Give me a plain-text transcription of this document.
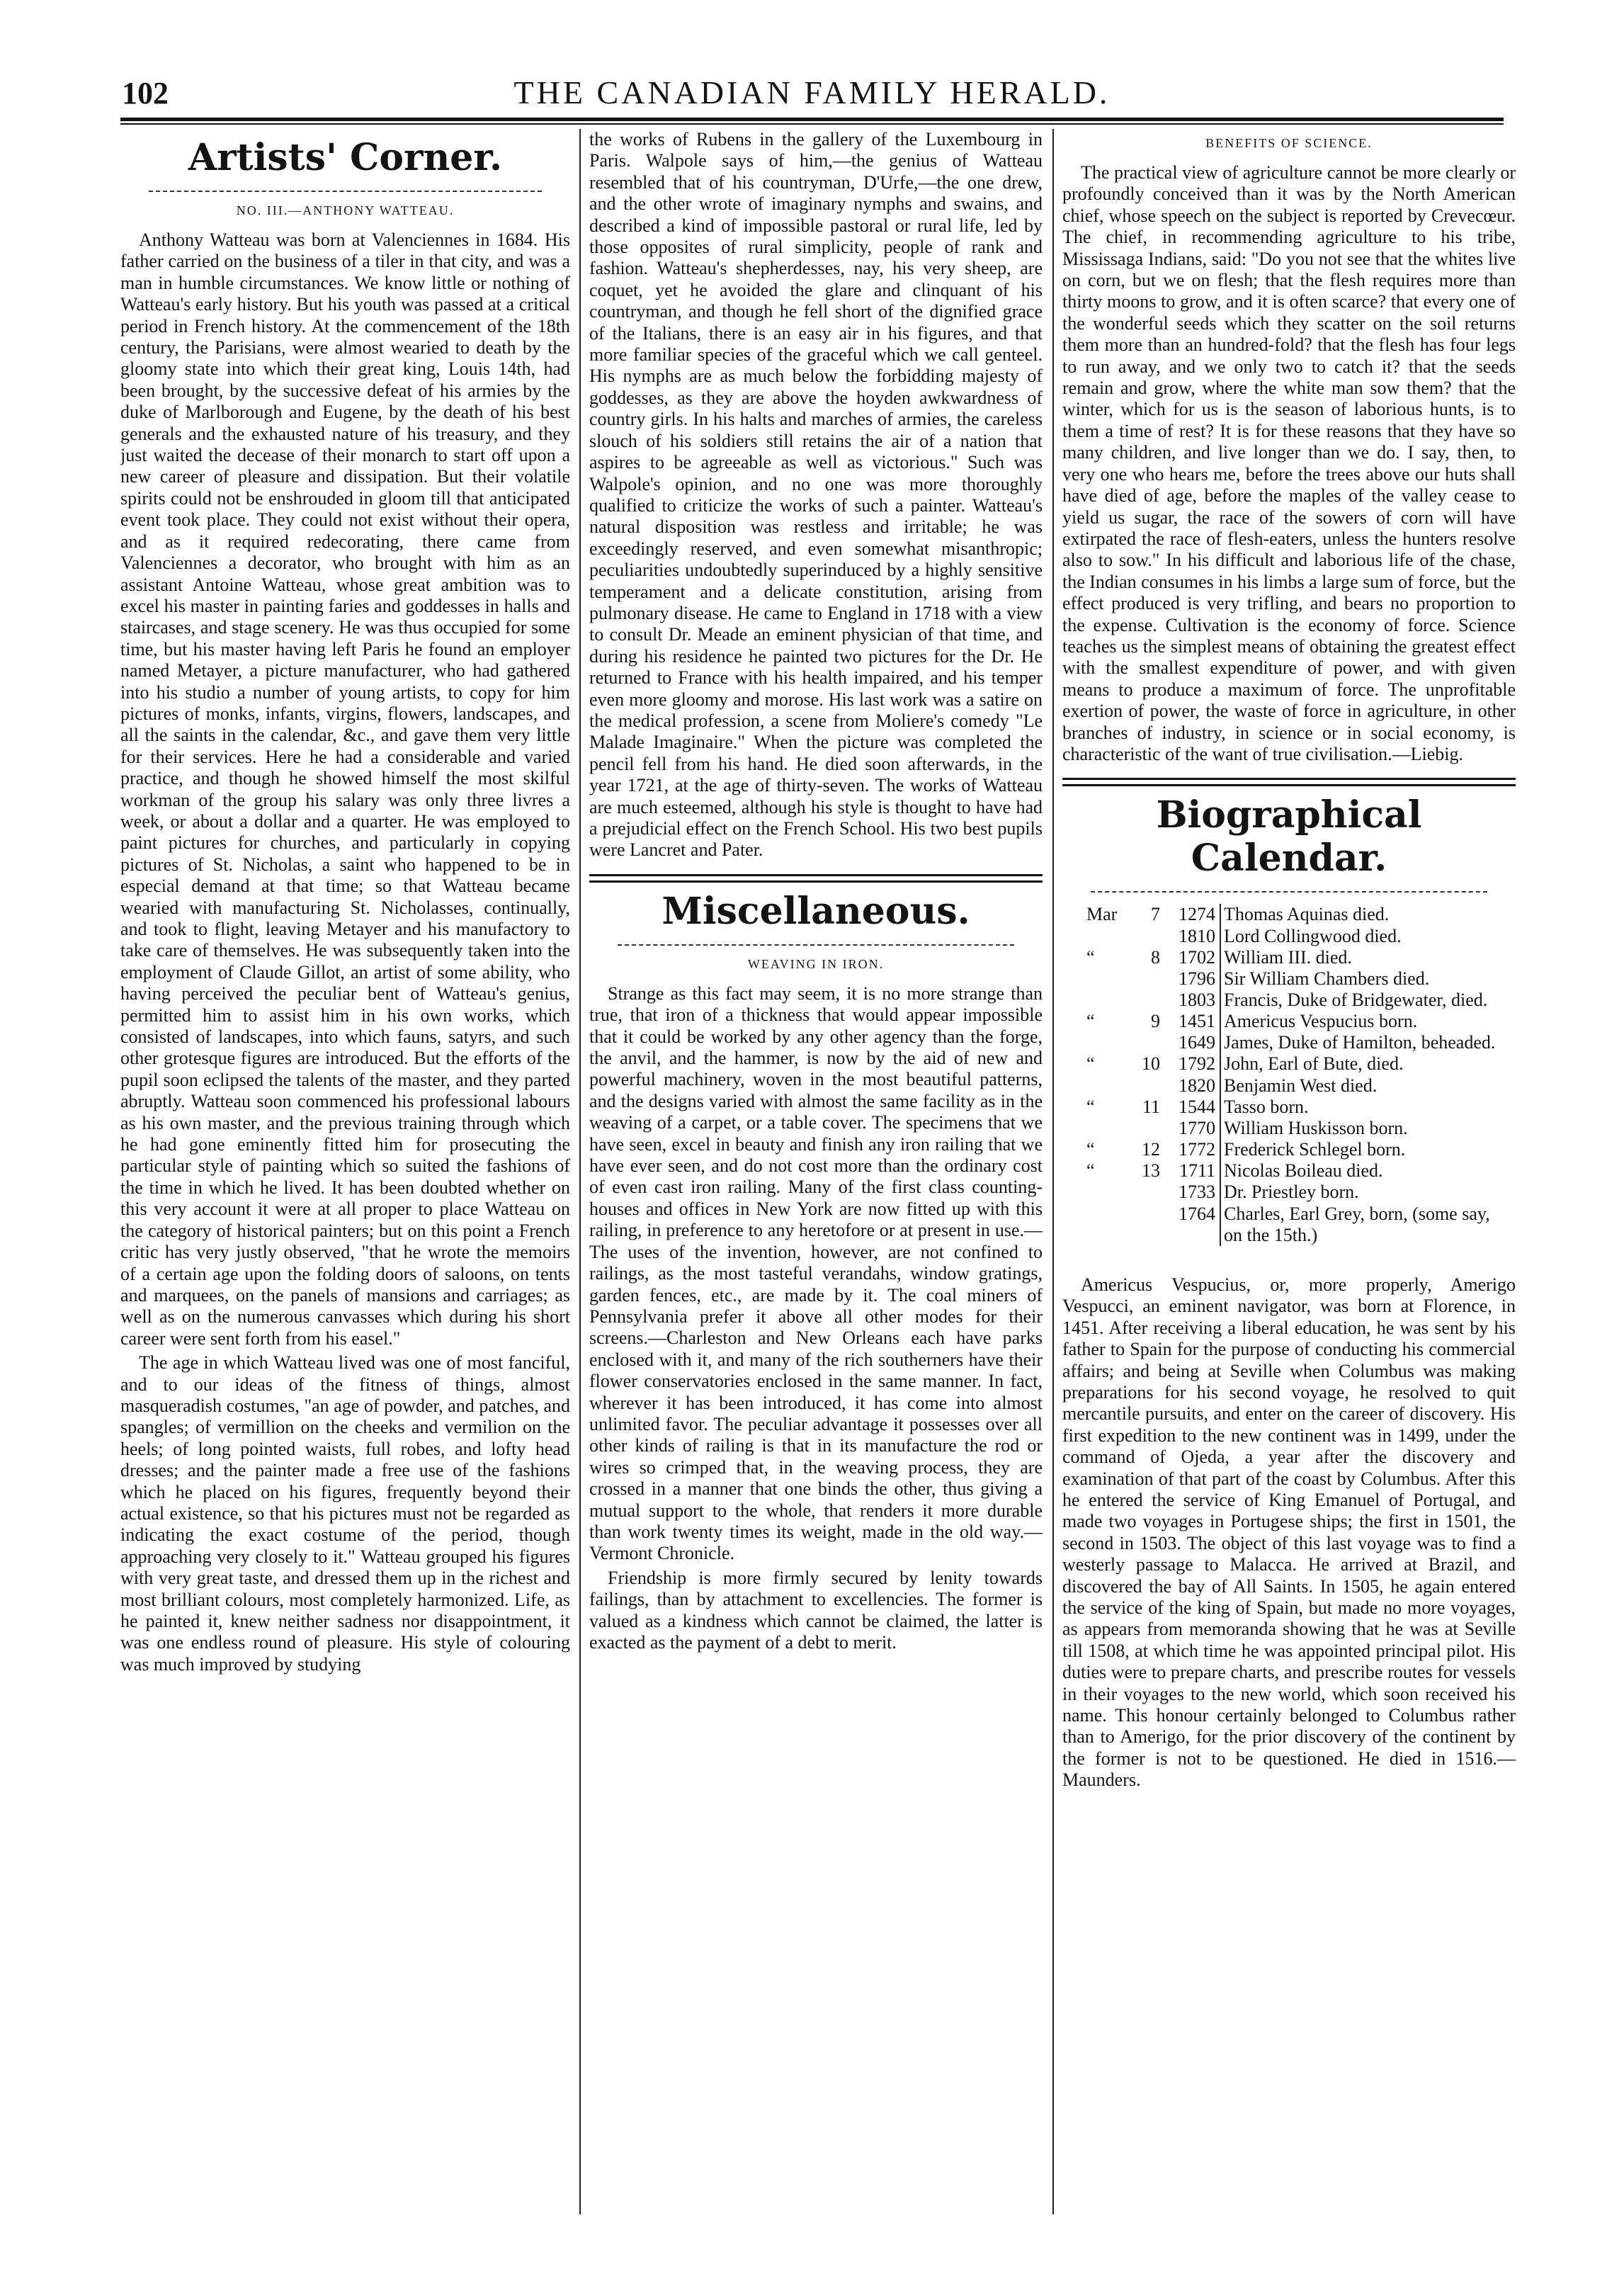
102	THE CANADIAN FAMILY HERALD.
Artists' Corner.
NO. III.—ANTHONY WATTEAU.

Anthony Watteau was born at Valenciennes in 1684. His father carried on the business of a tiler in that city, and was a man in humble circumstances. We know little or nothing of Watteau's early history. But his youth was passed at a critical period in French history. At the commencement of the 18th century, the Parisians, were almost wearied to death by the gloomy state into which their great king, Louis 14th, had been brought, by the successive defeat of his armies by the duke of Marlborough and Eugene, by the death of his best generals and the exhausted nature of his treasury, and they just waited the decease of their monarch to start off upon a new career of pleasure and dissipation. But their volatile spirits could not be enshrouded in gloom till that anticipated event took place. They could not exist without their opera, and as it required redecorating, there came from Valenciennes a decorator, who brought with him as an assistant Antoine Watteau, whose great ambition was to excel his master in painting faries and goddesses in halls and staircases, and stage scenery. He was thus occupied for some time, but his master having left Paris he found an employer named Metayer, a picture manufacturer, who had gathered into his studio a number of young artists, to copy for him pictures of monks, infants, virgins, flowers, landscapes, and all the saints in the calendar, &c., and gave them very little for their services. Here he had a considerable and varied practice, and though he showed himself the most skilful workman of the group his salary was only three livres a week, or about a dollar and a quarter. He was employed to paint pictures for churches, and particularly in copying pictures of St. Nicholas, a saint who happened to be in especial demand at that time; so that Watteau became wearied with manufacturing St. Nicholasses, continually, and took to flight, leaving Metayer and his manufactory to take care of themselves. He was subsequently taken into the employment of Claude Gillot, an artist of some ability, who having perceived the peculiar bent of Watteau's genius, permitted him to assist him in his own works, which consisted of landscapes, into which fauns, satyrs, and such other grotesque figures are introduced. But the efforts of the pupil soon eclipsed the talents of the master, and they parted abruptly. Watteau soon commenced his professional labours as his own master, and the previous training through which he had gone eminently fitted him for prosecuting the particular style of painting which so suited the fashions of the time in which he lived. It has been doubted whether on this very account it were at all proper to place Watteau on the category of historical painters; but on this point a French critic has very justly observed, "that he wrote the memoirs of a certain age upon the folding doors of saloons, on tents and marquees, on the panels of mansions and carriages; as well as on the numerous canvasses which during his short career were sent forth from his easel."

The age in which Watteau lived was one of most fanciful, and to our ideas of the fitness of things, almost masqueradish costumes, "an age of powder, and patches, and spangles; of vermillion on the cheeks and vermilion on the heels; of long pointed waists, full robes, and lofty head dresses; and the painter made a free use of the fashions which he placed on his figures, frequently beyond their actual existence, so that his pictures must not be regarded as indicating the exact costume of the period, though approaching very closely to it." Watteau grouped his figures with very great taste, and dressed them up in the richest and most brilliant colours, most completely harmonized. Life, as he painted it, knew neither sadness nor disappointment, it was one endless round of pleasure. His style of colouring was much improved by studying

the works of Rubens in the gallery of the Luxembourg in Paris. Walpole says of him,—the genius of Watteau resembled that of his countryman, D'Urfe,—the one drew, and the other wrote of imaginary nymphs and swains, and described a kind of impossible pastoral or rural life, led by those opposites of rural simplicity, people of rank and fashion. Watteau's shepherdesses, nay, his very sheep, are coquet, yet he avoided the glare and clinquant of his countryman, and though he fell short of the dignified grace of the Italians, there is an easy air in his figures, and that more familiar species of the graceful which we call genteel. His nymphs are as much below the forbidding majesty of goddesses, as they are above the hoyden awkwardness of country girls. In his halts and marches of armies, the careless slouch of his soldiers still retains the air of a nation that aspires to be agreeable as well as victorious." Such was Walpole's opinion, and no one was more thoroughly qualified to criticize the works of such a painter. Watteau's natural disposition was restless and irritable; he was exceedingly reserved, and even somewhat misanthropic; peculiarities undoubtedly superinduced by a highly sensitive temperament and a delicate constitution, arising from pulmonary disease. He came to England in 1718 with a view to consult Dr. Meade an eminent physician of that time, and during his residence he painted two pictures for the Dr. He returned to France with his health impaired, and his temper even more gloomy and morose. His last work was a satire on the medical profession, a scene from Moliere's comedy "Le Malade Imaginaire." When the picture was completed the pencil fell from his hand. He died soon afterwards, in the year 1721, at the age of thirty-seven. The works of Watteau are much esteemed, although his style is thought to have had a prejudicial effect on the French School. His two best pupils were Lancret and Pater.

Miscellaneous.
WEAVING IN IRON.

Strange as this fact may seem, it is no more strange than true, that iron of a thickness that would appear impossible that it could be worked by any other agency than the forge, the anvil, and the hammer, is now by the aid of new and powerful machinery, woven in the most beautiful patterns, and the designs varied with almost the same facility as in the weaving of a carpet, or a table cover. The specimens that we have seen, excel in beauty and finish any iron railing that we have ever seen, and do not cost more than the ordinary cost of even cast iron railing. Many of the first class counting-houses and offices in New York are now fitted up with this railing, in preference to any heretofore or at present in use.—The uses of the invention, however, are not confined to railings, as the most tasteful verandahs, window gratings, garden fences, etc., are made by it. The coal miners of Pennsylvania prefer it above all other modes for their screens.—Charleston and New Orleans each have parks enclosed with it, and many of the rich southerners have their flower conservatories enclosed in the same manner. In fact, wherever it has been introduced, it has come into almost unlimited favor. The peculiar advantage it possesses over all other kinds of railing is that in its manufacture the rod or wires so crimped that, in the weaving process, they are crossed in a manner that one binds the other, thus giving a mutual support to the whole, that renders it more durable than work twenty times its weight, made in the old way.—Vermont Chronicle.

Friendship is more firmly secured by lenity towards failings, than by attachment to excellencies. The former is valued as a kindness which cannot be claimed, the latter is exacted as the payment of a debt to merit.

BENEFITS OF SCIENCE.

The practical view of agriculture cannot be more clearly or profoundly conceived than it was by the North American chief, whose speech on the subject is reported by Crevecœur. The chief, in recommending agriculture to his tribe, Mississaga Indians, said: "Do you not see that the whites live on corn, but we on flesh; that the flesh requires more than thirty moons to grow, and it is often scarce? that every one of the wonderful seeds which they scatter on the soil returns them more than an hundred-fold? that the flesh has four legs to run away, and we only two to catch it? that the seeds remain and grow, where the white man sow them? that the winter, which for us is the season of laborious hunts, is to them a time of rest? It is for these reasons that they have so many children, and live longer than we do. I say, then, to very one who hears me, before the trees above our huts shall have died of age, before the maples of the valley cease to yield us sugar, the race of the sowers of corn will have extirpated the race of flesh-eaters, unless the hunters resolve also to sow." In his difficult and laborious life of the chase, the Indian consumes in his limbs a large sum of force, but the effect produced is very trifling, and bears no proportion to the expense. Cultivation is the economy of force. Science teaches us the simplest means of obtaining the greatest effect with the smallest expenditure of power, and with given means to produce a maximum of force. The unprofitable exertion of power, the waste of force in agriculture, in other branches of industry, in science or in social economy, is characteristic of the want of true civilisation.—Liebig.

Biographical Calendar.
Mar	7	1274	Thomas Aquinas died.
		1810	Lord Collingwood died.
“	8	1702	William III. died.
		1796	Sir William Chambers died.
		1803	Francis, Duke of Bridgewater, died.
“	9	1451	Americus Vespucius born.
		1649	James, Duke of Hamilton, beheaded.
“	10	1792	John, Earl of Bute, died.
		1820	Benjamin West died.
“	11	1544	Tasso born.
		1770	William Huskisson born.
“	12	1772	Frederick Schlegel born.
“	13	1711	Nicolas Boileau died.
		1733	Dr. Priestley born.
		1764	Charles, Earl Grey, born, (some say, on the 15th.)

Americus Vespucius, or, more properly, Amerigo Vespucci, an eminent navigator, was born at Florence, in 1451. After receiving a liberal education, he was sent by his father to Spain for the purpose of conducting his commercial affairs; and being at Seville when Columbus was making preparations for his second voyage, he resolved to quit mercantile pursuits, and enter on the career of discovery. His first expedition to the new continent was in 1499, under the command of Ojeda, a year after the discovery and examination of that part of the coast by Columbus. After this he entered the service of King Emanuel of Portugal, and made two voyages in Portugese ships; the first in 1501, the second in 1503. The object of this last voyage was to find a westerly passage to Malacca. He arrived at Brazil, and discovered the bay of All Saints. In 1505, he again entered the service of the king of Spain, but made no more voyages, as appears from memoranda showing that he was at Seville till 1508, at which time he was appointed principal pilot. His duties were to prepare charts, and prescribe routes for vessels in their voyages to the new world, which soon received his name. This honour certainly belonged to Columbus rather than to Amerigo, for the prior discovery of the continent by the former is not to be questioned. He died in 1516.—Maunders.
